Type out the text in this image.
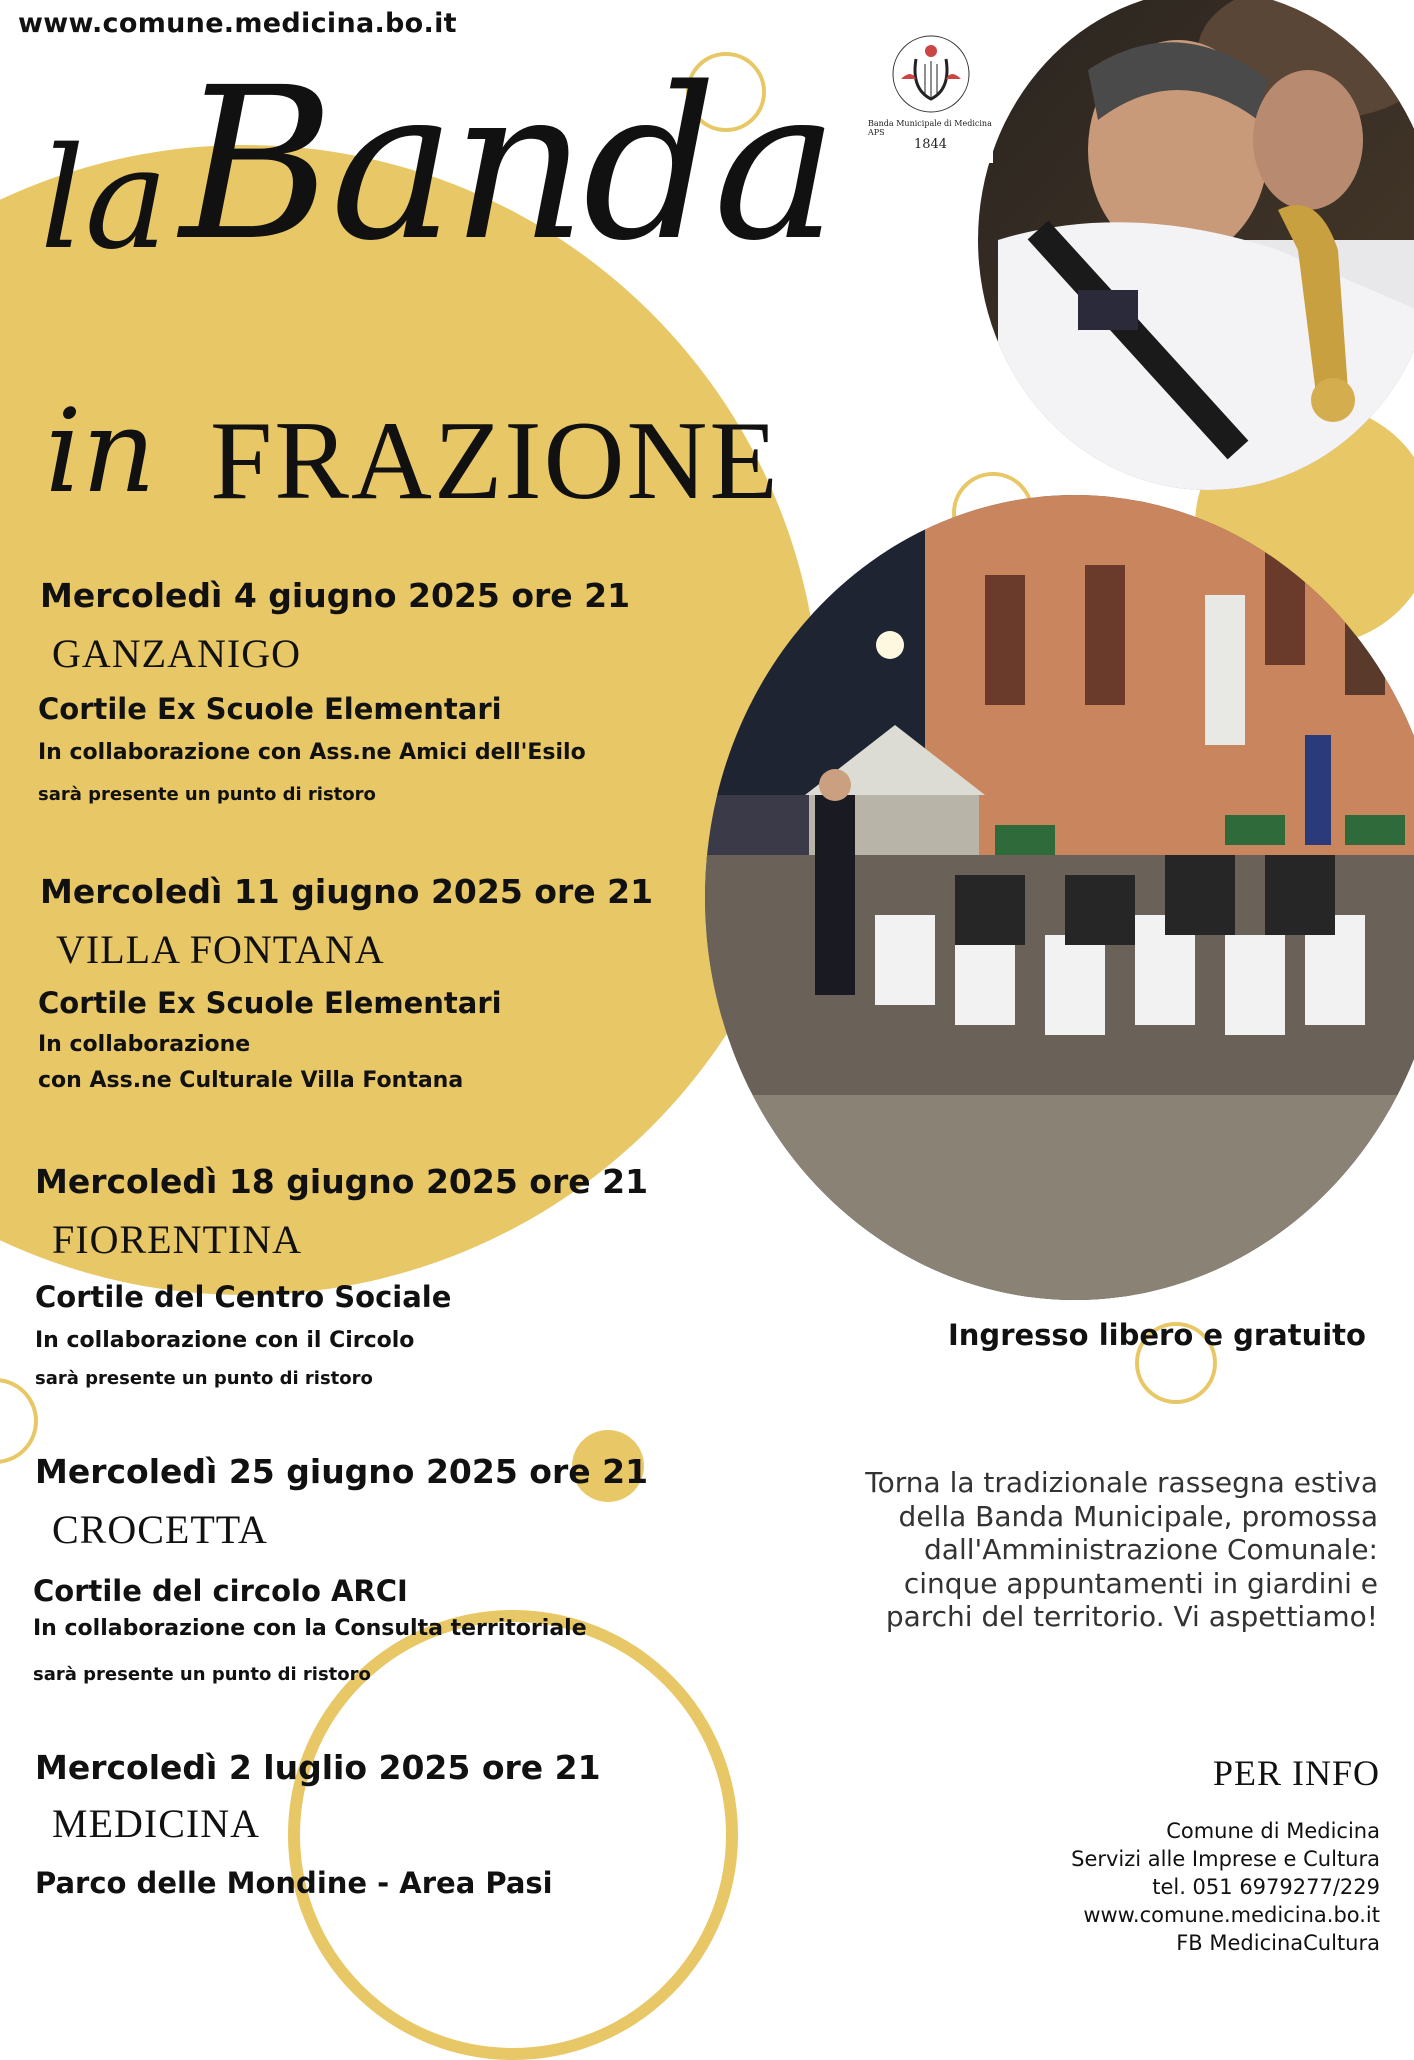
Banda Municipale di Medicina APS
1844
www.comune.medicina.bo.it
la Banda
in FRAZIONE
Mercoledì 4 giugno 2025 ore 21
GANZANIGO
Cortile Ex Scuole Elementari
In collaborazione con Ass.ne Amici dell'Esilo
sarà presente un punto di ristoro
Mercoledì 11 giugno 2025 ore 21
VILLA FONTANA
Cortile Ex Scuole Elementari
In collaborazione
con Ass.ne Culturale Villa Fontana
Mercoledì 18 giugno 2025 ore 21
FIORENTINA
Cortile del Centro Sociale
In collaborazione con il Circolo
sarà presente un punto di ristoro
Mercoledì 25 giugno 2025 ore 21
CROCETTA
Cortile del circolo ARCI
In collaborazione con la Consulta territoriale
sarà presente un punto di ristoro
Mercoledì 2 luglio 2025 ore 21
MEDICINA
Parco delle Mondine - Area Pasi
Ingresso libero e gratuito
Torna la tradizionale rassegna estiva
della Banda Municipale, promossa
dall'Amministrazione Comunale:
cinque appuntamenti in giardini e
parchi del territorio. Vi aspettiamo!
PER INFO
Comune di Medicina
Servizi alle Imprese e Cultura
tel. 051 6979277/229
www.comune.medicina.bo.it
FB MedicinaCultura
